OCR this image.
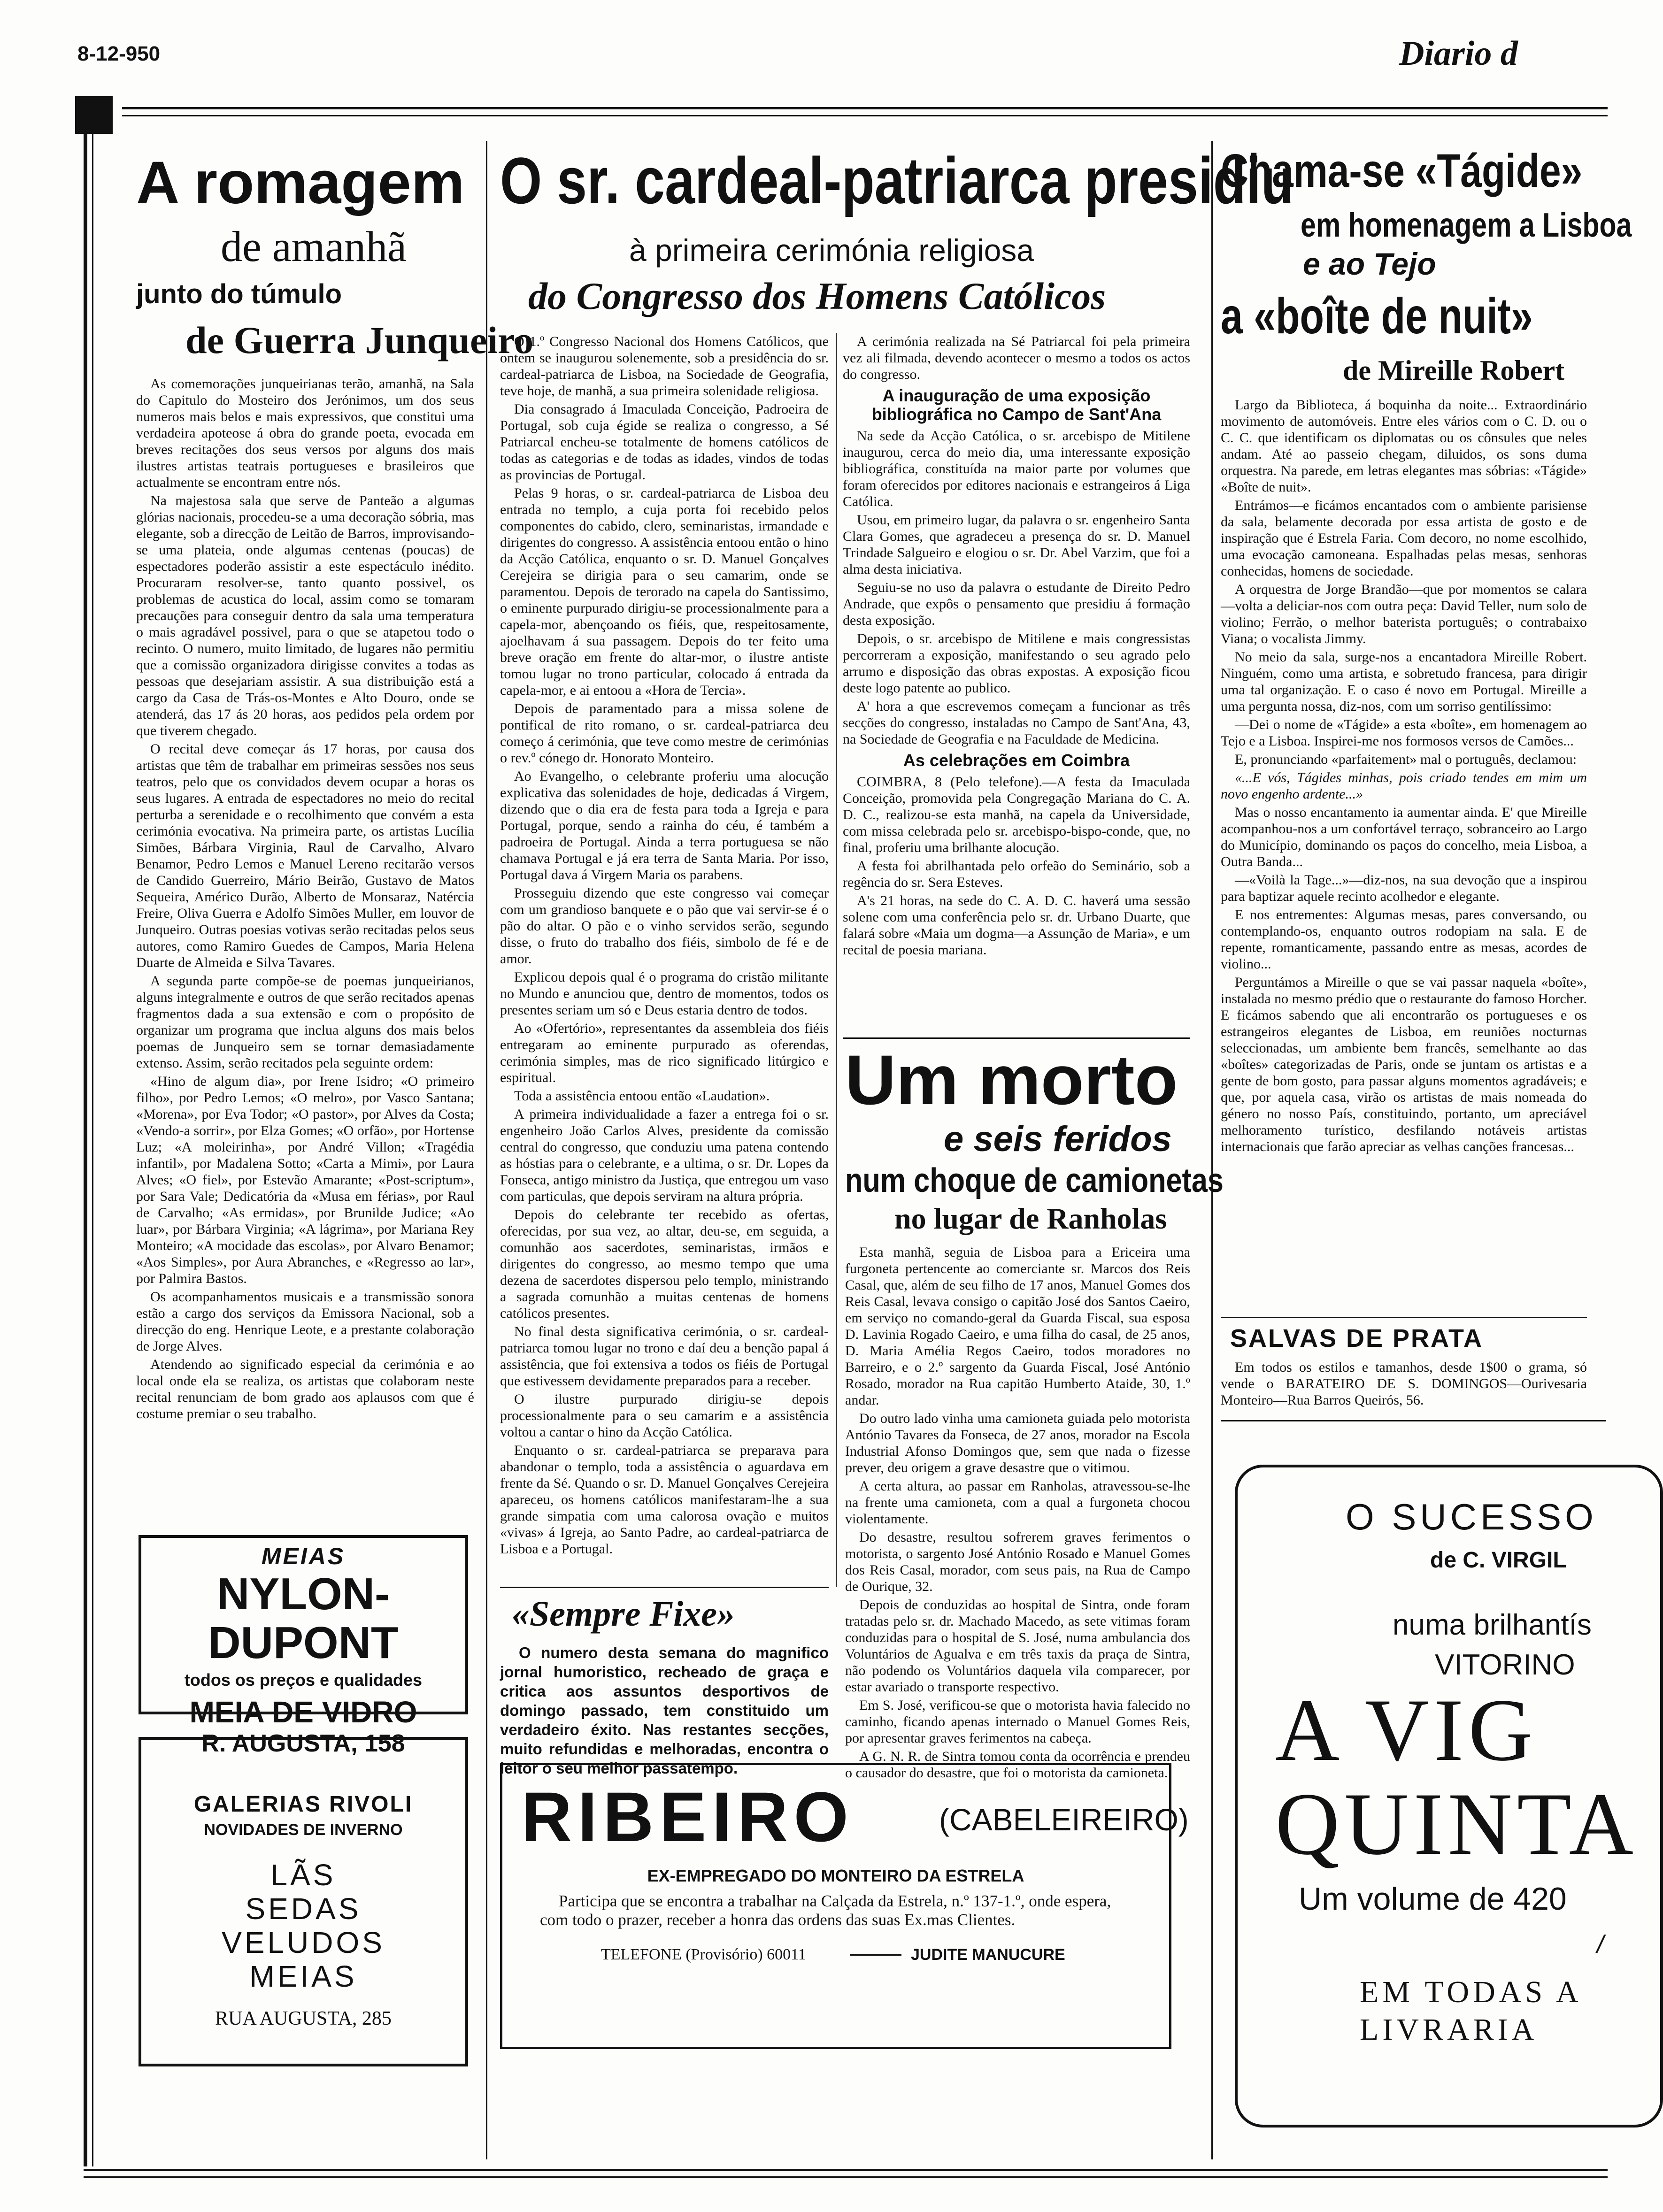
8-12-950	Diario d
A romagem
de amanhã
junto do túmulo
de Guerra Junqueiro

As comemorações junqueirianas terão, amanhã, na Sala do Capitulo do Mosteiro dos Jerónimos, um dos seus numeros mais belos e mais expressivos, que constitui uma verdadeira apoteose á obra do grande poeta, evocada em breves recitações dos seus versos por alguns dos mais ilustres artistas teatrais portugueses e brasileiros que actualmente se encontram entre nós.

Na majestosa sala que serve de Panteão a algumas glórias nacionais, procedeu-se a uma decoração sóbria, mas elegante, sob a direcção de Leitão de Barros, improvisando-se uma plateia, onde algumas centenas (poucas) de espectadores poderão assistir a este espectáculo inédito. Procuraram resolver-se, tanto quanto possivel, os problemas de acustica do local, assim como se tomaram precauções para conseguir dentro da sala uma temperatura o mais agradável possivel, para o que se atapetou todo o recinto. O numero, muito limitado, de lugares não permitiu que a comissão organizadora dirigisse convites a todas as pessoas que desejariam assistir. A sua distribuição está a cargo da Casa de Trás-os-Montes e Alto Douro, onde se atenderá, das 17 ás 20 horas, aos pedidos pela ordem por que tiverem chegado.

O recital deve começar ás 17 horas, por causa dos artistas que têm de trabalhar em primeiras sessões nos seus teatros, pelo que os convidados devem ocupar a horas os seus lugares. A entrada de espectadores no meio do recital perturba a serenidade e o recolhimento que convém a esta cerimónia evocativa. Na primeira parte, os artistas Lucília Simões, Bárbara Virginia, Raul de Carvalho, Alvaro Benamor, Pedro Lemos e Manuel Lereno recitarão versos de Candido Guerreiro, Mário Beirão, Gustavo de Matos Sequeira, Américo Durão, Alberto de Monsaraz, Natércia Freire, Oliva Guerra e Adolfo Simões Muller, em louvor de Junqueiro. Outras poesias votivas serão recitadas pelos seus autores, como Ramiro Guedes de Campos, Maria Helena Duarte de Almeida e Silva Tavares.

A segunda parte compõe-se de poemas junqueirianos, alguns integralmente e outros de que serão recitados apenas fragmentos dada a sua extensão e com o propósito de organizar um programa que inclua alguns dos mais belos poemas de Junqueiro sem se tornar demasiadamente extenso. Assim, serão recitados pela seguinte ordem:

«Hino de algum dia», por Irene Isidro; «O primeiro filho», por Pedro Lemos; «O melro», por Vasco Santana; «Morena», por Eva Todor; «O pastor», por Alves da Costa; «Vendo-a sorrir», por Elza Gomes; «O orfão», por Hortense Luz; «A moleirinha», por André Villon; «Tragédia infantil», por Madalena Sotto; «Carta a Mimi», por Laura Alves; «O fiel», por Estevão Amarante; «Post-scriptum», por Sara Vale; Dedicatória da «Musa em férias», por Raul de Carvalho; «As ermidas», por Brunilde Judice; «Ao luar», por Bárbara Virginia; «A lágrima», por Mariana Rey Monteiro; «A mocidade das escolas», por Alvaro Benamor; «Aos Simples», por Aura Abranches, e «Regresso ao lar», por Palmira Bastos.

Os acompanhamentos musicais e a transmissão sonora estão a cargo dos serviços da Emissora Nacional, sob a direcção do eng. Henrique Leote, e a prestante colaboração de Jorge Alves.

Atendendo ao significado especial da cerimónia e ao local onde ela se realiza, os artistas que colaboram neste recital renunciam de bom grado aos aplausos com que é costume premiar o seu trabalho.

MEIAS
NYLON-DUPONT
todos os preços e qualidades
MEIA DE VIDRO
R. AUGUSTA, 158
GALERIAS RIVOLI
NOVIDADES DE INVERNO
LÃS
SEDAS
VELUDOS
MEIAS
RUA AUGUSTA, 285
O sr. cardeal-patriarca presidiu
à primeira cerimónia religiosa
do Congresso dos Homens Católicos

O 1.º Congresso Nacional dos Homens Católicos, que ontem se inaugurou solenemente, sob a presidência do sr. cardeal-patriarca de Lisboa, na Sociedade de Geografia, teve hoje, de manhã, a sua primeira solenidade religiosa.

Dia consagrado á Imaculada Conceição, Padroeira de Portugal, sob cuja égide se realiza o congresso, a Sé Patriarcal encheu-se totalmente de homens católicos de todas as categorias e de todas as idades, vindos de todas as provincias de Portugal.

Pelas 9 horas, o sr. cardeal-patriarca de Lisboa deu entrada no templo, a cuja porta foi recebido pelos componentes do cabido, clero, seminaristas, irmandade e dirigentes do congresso. A assistência entoou então o hino da Acção Católica, enquanto o sr. D. Manuel Gonçalves Cerejeira se dirigia para o seu camarim, onde se paramentou. Depois de terorado na capela do Santissimo, o eminente purpurado dirigiu-se processionalmente para a capela-mor, abençoando os fiéis, que, respeitosamente, ajoelhavam á sua passagem. Depois do ter feito uma breve oração em frente do altar-mor, o ilustre antiste tomou lugar no trono particular, colocado á entrada da capela-mor, e ai entoou a «Hora de Tercia».

Depois de paramentado para a missa solene de pontifical de rito romano, o sr. cardeal-patriarca deu começo á cerimónia, que teve como mestre de cerimónias o rev.º cónego dr. Honorato Monteiro.

Ao Evangelho, o celebrante proferiu uma alocução explicativa das solenidades de hoje, dedicadas á Virgem, dizendo que o dia era de festa para toda a Igreja e para Portugal, porque, sendo a rainha do céu, é também a padroeira de Portugal. Ainda a terra portuguesa se não chamava Portugal e já era terra de Santa Maria. Por isso, Portugal dava á Virgem Maria os parabens.

Prosseguiu dizendo que este congresso vai começar com um grandioso banquete e o pão que vai servir-se é o pão do altar. O pão e o vinho servidos serão, segundo disse, o fruto do trabalho dos fiéis, simbolo de fé e de amor.

Explicou depois qual é o programa do cristão militante no Mundo e anunciou que, dentro de momentos, todos os presentes seriam um só e Deus estaria dentro de todos.

Ao «Ofertório», representantes da assembleia dos fiéis entregaram ao eminente purpurado as oferendas, cerimónia simples, mas de rico significado litúrgico e espiritual.

Toda a assistência entoou então «Laudation».

A primeira individualidade a fazer a entrega foi o sr. engenheiro João Carlos Alves, presidente da comissão central do congresso, que conduziu uma patena contendo as hóstias para o celebrante, e a ultima, o sr. Dr. Lopes da Fonseca, antigo ministro da Justiça, que entregou um vaso com particulas, que depois serviram na altura própria.

Depois do celebrante ter recebido as ofertas, oferecidas, por sua vez, ao altar, deu-se, em seguida, a comunhão aos sacerdotes, seminaristas, irmãos e dirigentes do congresso, ao mesmo tempo que uma dezena de sacerdotes dispersou pelo templo, ministrando a sagrada comunhão a muitas centenas de homens católicos presentes.

No final desta significativa cerimónia, o sr. cardeal-patriarca tomou lugar no trono e daí deu a benção papal á assistência, que foi extensiva a todos os fiéis de Portugal que estivessem devidamente preparados para a receber.

O ilustre purpurado dirigiu-se depois processionalmente para o seu camarim e a assistência voltou a cantar o hino da Acção Católica.

Enquanto o sr. cardeal-patriarca se preparava para abandonar o templo, toda a assistência o aguardava em frente da Sé. Quando o sr. D. Manuel Gonçalves Cerejeira apareceu, os homens católicos manifestaram-lhe a sua grande simpatia com uma calorosa ovação e muitos «vivas» á Igreja, ao Santo Padre, ao cardeal-patriarca de Lisboa e a Portugal.

A cerimónia realizada na Sé Patriarcal foi pela primeira vez ali filmada, devendo acontecer o mesmo a todos os actos do congresso.

A inauguração de uma exposição bibliográfica no Campo de Sant'Ana

Na sede da Acção Católica, o sr. arcebispo de Mitilene inaugurou, cerca do meio dia, uma interessante exposição bibliográfica, constituída na maior parte por volumes que foram oferecidos por editores nacionais e estrangeiros á Liga Católica.

Usou, em primeiro lugar, da palavra o sr. engenheiro Santa Clara Gomes, que agradeceu a presença do sr. D. Manuel Trindade Salgueiro e elogiou o sr. Dr. Abel Varzim, que foi a alma desta iniciativa.

Seguiu-se no uso da palavra o estudante de Direito Pedro Andrade, que expôs o pensamento que presidiu á formação desta exposição.

Depois, o sr. arcebispo de Mitilene e mais congressistas percorreram a exposição, manifestando o seu agrado pelo arrumo e disposição das obras expostas. A exposição ficou deste logo patente ao publico.

A' hora a que escrevemos começam a funcionar as três secções do congresso, instaladas no Campo de Sant'Ana, 43, na Sociedade de Geografia e na Faculdade de Medicina.

As celebrações em Coimbra

COIMBRA, 8 (Pelo telefone).—A festa da Imaculada Conceição, promovida pela Congregação Mariana do C. A. D. C., realizou-se esta manhã, na capela da Universidade, com missa celebrada pelo sr. arcebispo-bispo-conde, que, no final, proferiu uma brilhante alocução.

A festa foi abrilhantada pelo orfeão do Seminário, sob a regência do sr. Sera Esteves.

A's 21 horas, na sede do C. A. D. C. haverá uma sessão solene com uma conferência pelo sr. dr. Urbano Duarte, que falará sobre «Maia um dogma—a Assunção de Maria», e um recital de poesia mariana.

Um morto
e seis feridos
num choque de camionetas
no lugar de Ranholas

Esta manhã, seguia de Lisboa para a Ericeira uma furgoneta pertencente ao comerciante sr. Marcos dos Reis Casal, que, além de seu filho de 17 anos, Manuel Gomes dos Reis Casal, levava consigo o capitão José dos Santos Caeiro, em serviço no comando-geral da Guarda Fiscal, sua esposa D. Lavinia Rogado Caeiro, e uma filha do casal, de 25 anos, D. Maria Amélia Regos Caeiro, todos moradores no Barreiro, e o 2.º sargento da Guarda Fiscal, José António Rosado, morador na Rua capitão Humberto Ataide, 30, 1.º andar.

Do outro lado vinha uma camioneta guiada pelo motorista António Tavares da Fonseca, de 27 anos, morador na Escola Industrial Afonso Domingos que, sem que nada o fizesse prever, deu origem a grave desastre que o vitimou.

A certa altura, ao passar em Ranholas, atravessou-se-lhe na frente uma camioneta, com a qual a furgoneta chocou violentamente.

Do desastre, resultou sofrerem graves ferimentos o motorista, o sargento José António Rosado e Manuel Gomes dos Reis Casal, morador, com seus pais, na Rua de Campo de Ourique, 32.

Depois de conduzidas ao hospital de Sintra, onde foram tratadas pelo sr. dr. Machado Macedo, as sete vitimas foram conduzidas para o hospital de S. José, numa ambulancia dos Voluntários de Agualva e em três taxis da praça de Sintra, não podendo os Voluntários daquela vila comparecer, por estar avariado o transporte respectivo.

Em S. José, verificou-se que o motorista havia falecido no caminho, ficando apenas internado o Manuel Gomes Reis, por apresentar graves ferimentos na cabeça.

A G. N. R. de Sintra tomou conta da ocorrência e prendeu o causador do desastre, que foi o motorista da camioneta.

«Sempre Fixe»
O numero desta semana do magnifico jornal humoristico, recheado de graça e critica aos assuntos desportivos de domingo passado, tem constituido um verdadeiro éxito. Nas restantes secções, muito refundidas e melhoradas, encontra o leitor o seu melhor passatempo.
RIBEIRO	(CABELEIREIRO)
EX-EMPREGADO DO MONTEIRO DA ESTRELA
Participa que se encontra a trabalhar na Calçada da Estrela, n.º 137-1.º, onde espera, com todo o prazer, receber a honra das ordens das suas Ex.mas Clientes.
TELEFONE (Provisório) 60011	JUDITE MANUCURE
Chama-se «Tágide»
em homenagem a Lisboa
e ao Tejo
a «boîte de nuit»
de Mireille Robert

Largo da Biblioteca, á boquinha da noite... Extraordinário movimento de automóveis. Entre eles vários com o C. D. ou o C. C. que identificam os diplomatas ou os cônsules que neles andam. Até ao passeio chegam, diluidos, os sons duma orquestra. Na parede, em letras elegantes mas sóbrias: «Tágide» «Boîte de nuit».

Entrámos—e ficámos encantados com o ambiente parisiense da sala, belamente decorada por essa artista de gosto e de inspiração que é Estrela Faria. Com decoro, no nome escolhido, uma evocação camoneana. Espalhadas pelas mesas, senhoras conhecidas, homens de sociedade.

A orquestra de Jorge Brandão—que por momentos se calara—volta a deliciar-nos com outra peça: David Teller, num solo de violino; Ferrão, o melhor baterista português; o contrabaixo Viana; o vocalista Jimmy.

No meio da sala, surge-nos a encantadora Mireille Robert. Ninguém, como uma artista, e sobretudo francesa, para dirigir uma tal organização. E o caso é novo em Portugal. Mireille a uma pergunta nossa, diz-nos, com um sorriso gentilíssimo:

—Dei o nome de «Tágide» a esta «boîte», em homenagem ao Tejo e a Lisboa. Inspirei-me nos formosos versos de Camões...

E, pronunciando «parfaitement» mal o português, declamou:

«...E vós, Tágides minhas, pois criado tendes em mim um novo engenho ardente...»

Mas o nosso encantamento ia aumentar ainda. E' que Mireille acompanhou-nos a um confortável terraço, sobranceiro ao Largo do Município, dominando os paços do concelho, meia Lisboa, a Outra Banda...

—«Voilà la Tage...»—diz-nos, na sua devoção que a inspirou para baptizar aquele recinto acolhedor e elegante.

E nos entrementes: Algumas mesas, pares conversando, ou contemplando-os, enquanto outros rodopiam na sala. E de repente, romanticamente, passando entre as mesas, acordes de violino...

Perguntámos a Mireille o que se vai passar naquela «boîte», instalada no mesmo prédio que o restaurante do famoso Horcher. E ficámos sabendo que ali encontrarão os portugueses e os estrangeiros elegantes de Lisboa, em reuniões nocturnas seleccionadas, um ambiente bem francês, semelhante ao das «boîtes» categorizadas de Paris, onde se juntam os artistas e a gente de bom gosto, para passar alguns momentos agradáveis; e que, por aquela casa, virão os artistas de mais nomeada do género no nosso País, constituindo, portanto, um apreciável melhoramento turístico, desfilando notáveis artistas internacionais que farão apreciar as velhas canções francesas...

SALVAS DE PRATA
Em todos os estilos e tamanhos, desde 1$00 o grama, só vende o BARATEIRO DE S. DOMINGOS—Ourivesaria Monteiro—Rua Barros Queirós, 56.
O SUCESSO
de C. VIRGIL
numa brilhantís
VITORINO
A VIG
QUINTA
Um volume de 420
/
EM TODAS A
LIVRARIA
